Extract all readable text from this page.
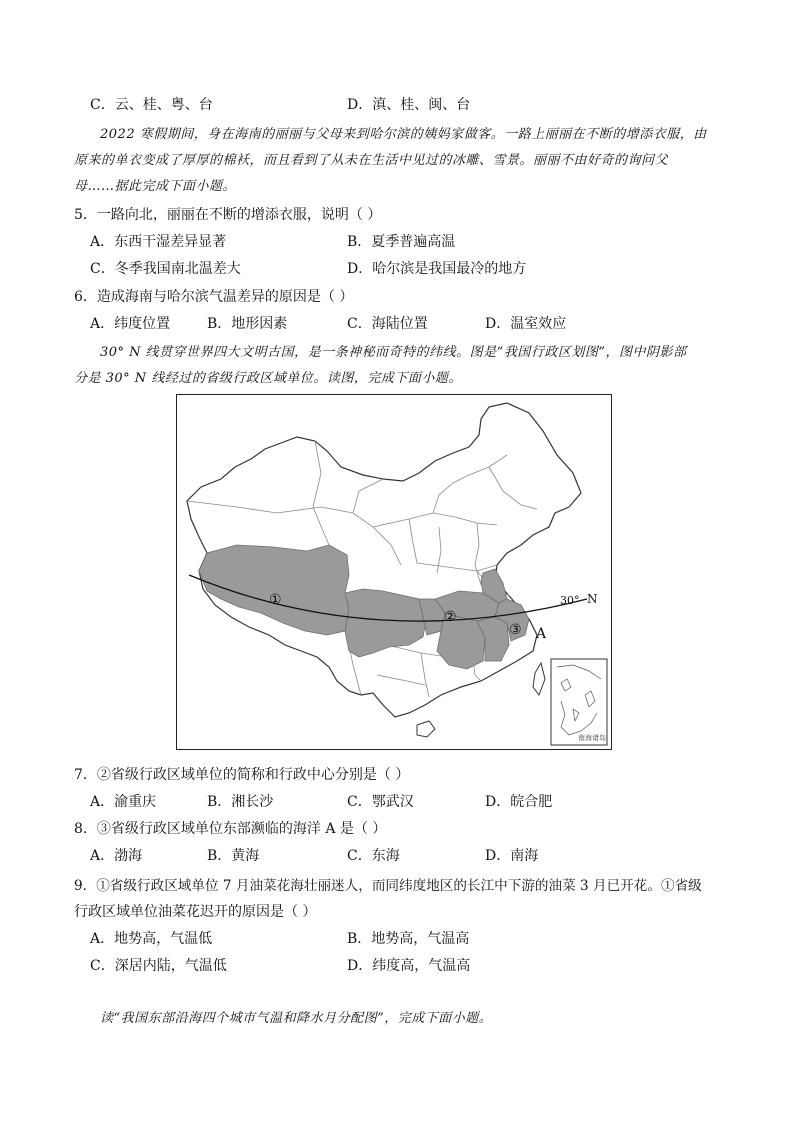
C．云、桂、粤、台	D．滇、桂、闽、台
2022 寒假期间，身在海南的丽丽与父母来到哈尔滨的姨妈家做客。一路上丽丽在不断的增添衣服，由
原来的单衣变成了厚厚的棉袄，而且看到了从未在生活中见过的冰雕、雪景。丽丽不由好奇的询问父
母……据此完成下面小题。
5．一路向北，丽丽在不断的增添衣服，说明（ ）
A．东西干湿差异显著	B．夏季普遍高温
C．冬季我国南北温差大	D．哈尔滨是我国最冷的地方
6．造成海南与哈尔滨气温差异的原因是（ ）
A．纬度位置	B．地形因素	C．海陆位置	D．温室效应
30° N 线贯穿世界四大文明古国，是一条神秘而奇特的纬线。图是“我国行政区划图”，图中阴影部
分是 30° N 线经过的省级行政区域单位。读图，完成下面小题。
①
②
③ A
30° N
南海诸岛
7．②省级行政区域单位的简称和行政中心分别是（ ）
A．渝重庆	B．湘长沙	C．鄂武汉	D．皖合肥
8．③省级行政区域单位东部濒临的海洋 A 是（ ）
A．渤海	B．黄海	C．东海	D．南海
9．①省级行政区域单位 7 月油菜花海壮丽迷人，而同纬度地区的长江中下游的油菜 3 月已开花。①省级
行政区域单位油菜花迟开的原因是（ ）
A．地势高，气温低	B．地势高，气温高
C．深居内陆，气温低	D．纬度高，气温高
读“我国东部沿海四个城市气温和降水月分配图”，完成下面小题。
